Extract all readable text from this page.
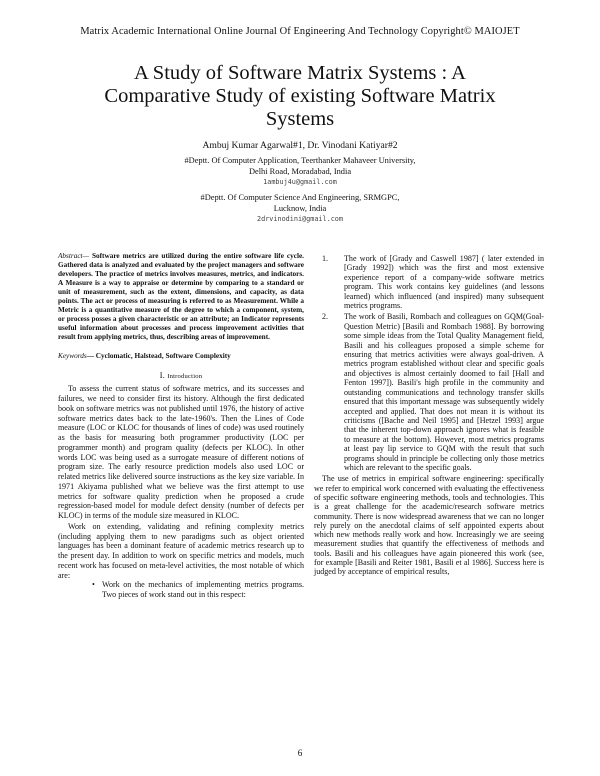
Matrix Academic International Online Journal Of Engineering And Technology Copyright© MAIOJET
A Study of Software Matrix Systems : A Comparative Study of existing Software Matrix Systems
Ambuj Kumar Agarwal#1, Dr. Vinodani Katiyar#2
#Deptt. Of Computer Application, Teerthanker Mahaveer University,
Delhi Road, Moradabad, India
1ambuj4u@gmail.com
#Deptt. Of Computer Science And Engineering, SRMGPC,
Lucknow, India
2drvinodini@gmail.com

Abstract— Software metrics are utilized during the entire software life cycle. Gathered data is analyzed and evaluated by the project managers and software developers. The practice of metrics involves measures, metrics, and indicators. A Measure is a way to appraise or determine by comparing to a standard or unit of measurement, such as the extent, dimensions, and capacity, as data points. The act or process of measuring is referred to as Measurement. While a Metric is a quantitative measure of the degree to which a component, system, or process posses a given characteristic or an attribute; an Indicator represents useful information about processes and process improvement activities that result from applying metrics, thus, describing areas of improvement.

Keywords— Cyclomatic, Halstead, Software Complexity

I. Introduction

To assess the current status of software metrics, and its successes and failures, we need to consider first its history. Although the first dedicated book on software metrics was not published until 1976, the history of active software metrics dates back to the late-1960's. Then the Lines of Code measure (LOC or KLOC for thousands of lines of code) was used routinely as the basis for measuring both programmer productivity (LOC per programmer month) and program quality (defects per KLOC). In other words LOC was being used as a surrogate measure of different notions of program size. The early resource prediction models also used LOC or related metrics like delivered source instructions as the key size variable. In 1971 Akiyama published what we believe was the first attempt to use metrics for software quality prediction when he proposed a crude regression-based model for module defect density (number of defects per KLOC) in terms of the module size measured in KLOC.

Work on extending, validating and refining complexity metrics (including applying them to new paradigms such as object oriented languages has been a dominant feature of academic metrics research up to the present day. In addition to work on specific metrics and models, much recent work has focused on meta-level activities, the most notable of which are:

• Work on the mechanics of implementing metrics programs. Two pieces of work stand out in this respect:
1.	The work of [Grady and Caswell 1987] ( later extended in [Grady 1992]) which was the first and most extensive experience report of a company-wide software metrics program. This work contains key guidelines (and lessons learned) which influenced (and inspired) many subsequent metrics programs.
2.	The work of Basili, Rombach and colleagues on GQM(Goal-Question Metric) [Basili and Rombach 1988]. By borrowing some simple ideas from the Total Quality Management field, Basili and his colleagues proposed a simple scheme for ensuring that metrics activities were always goal-driven. A metrics program established without clear and specific goals and objectives is almost certainly doomed to fail [Hall and Fenton 1997]). Basili's high profile in the community and outstanding communications and technology transfer skills ensured that this important message was subsequently widely accepted and applied. That does not mean it is without its criticisms ([Bache and Neil 1995] and [Hetzel 1993] argue that the inherent top-down approach ignores what is feasible to measure at the bottom). However, most metrics programs at least pay lip service to GQM with the result that such programs should in principle be collecting only those metrics which are relevant to the specific goals.

The use of metrics in empirical software engineering: specifically we refer to empirical work concerned with evaluating the effectiveness of specific software engineering methods, tools and technologies. This is a great challenge for the academic/research software metrics community. There is now widespread awareness that we can no longer rely purely on the anecdotal claims of self appointed experts about which new methods really work and how. Increasingly we are seeing measurement studies that quantify the effectiveness of methods and tools. Basili and his colleagues have again pioneered this work (see, for example [Basili and Reiter 1981, Basili et al 1986]. Success here is judged by acceptance of empirical results,

6
